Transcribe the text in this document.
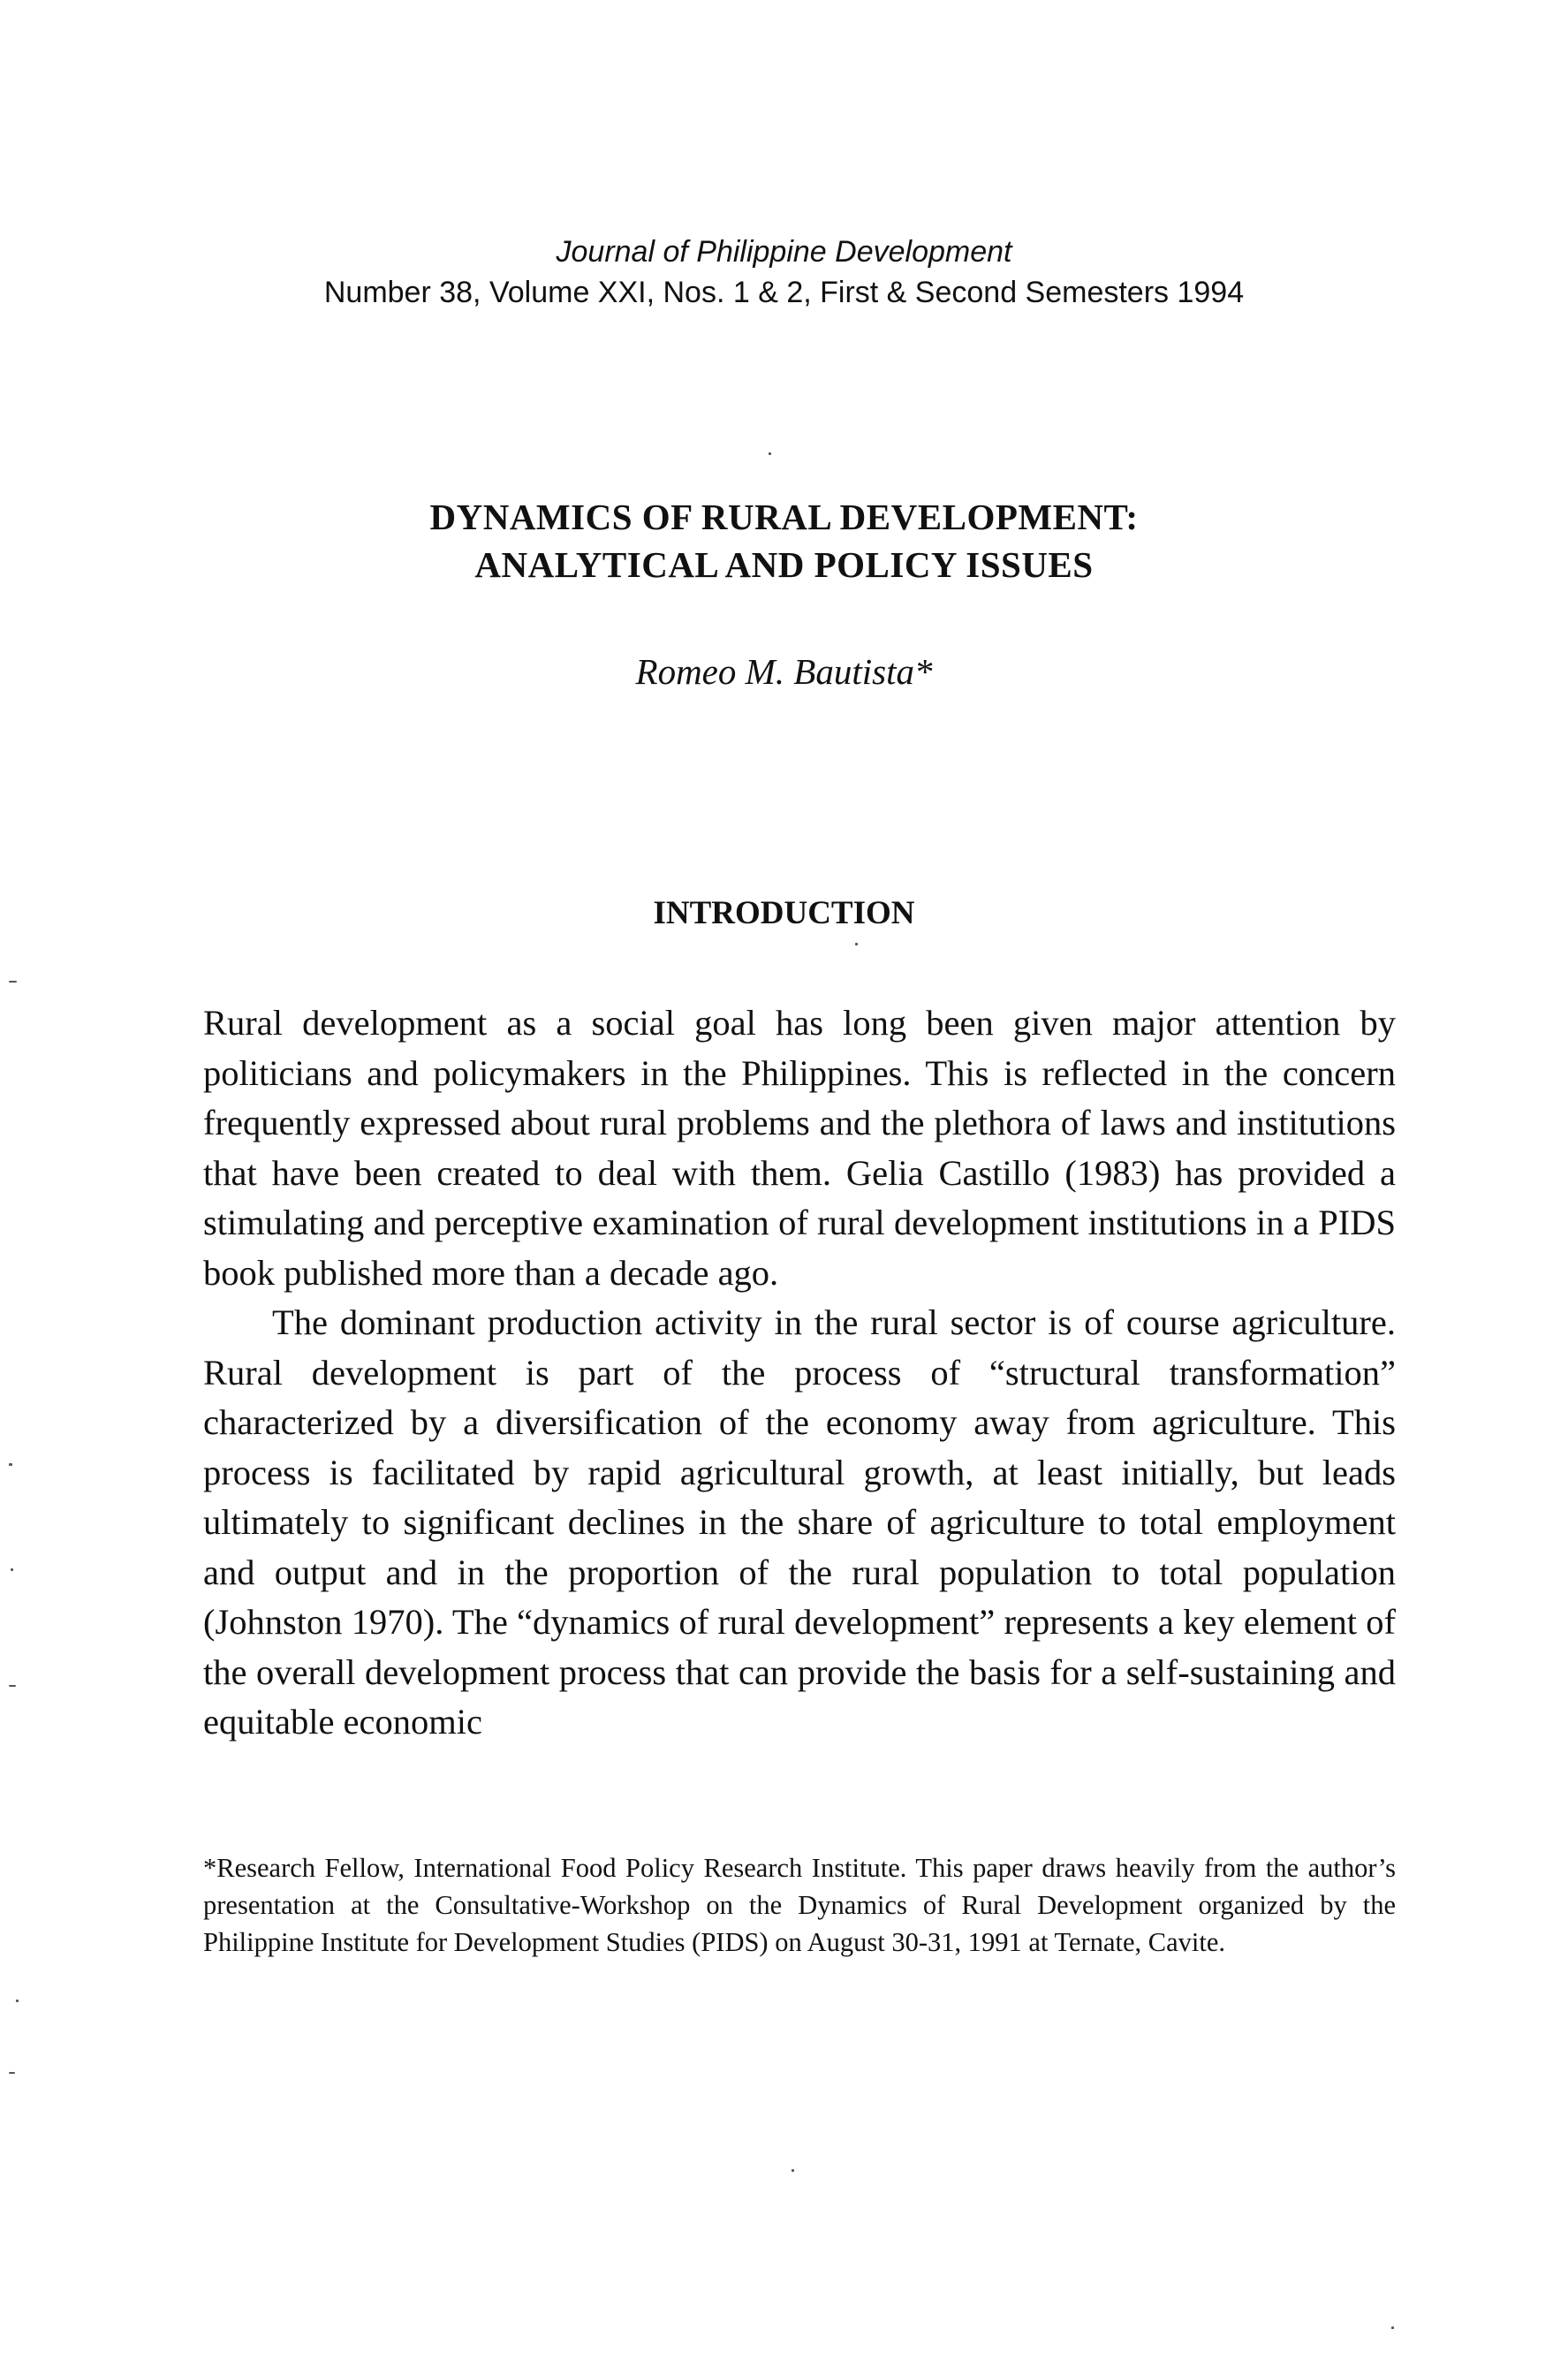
Journal of Philippine Development
Number 38, Volume XXI, Nos. 1 & 2, First & Second Semesters 1994
DYNAMICS OF RURAL DEVELOPMENT:
ANALYTICAL AND POLICY ISSUES
Romeo M. Bautista*
INTRODUCTION

Rural development as a social goal has long been given major attention by politicians and policymakers in the Philippines. This is reflected in the concern frequently expressed about rural problems and the plethora of laws and institutions that have been created to deal with them. Gelia Castillo (1983) has provided a stimulating and perceptive examination of rural development institutions in a PIDS book published more than a decade ago.

The dominant production activity in the rural sector is of course agriculture. Rural development is part of the process of “structural transformation” characterized by a diversification of the economy away from agriculture. This process is facilitated by rapid agricultural growth, at least initially, but leads ultimately to significant declines in the share of agriculture to total employment and output and in the proportion of the rural population to total population (Johnston 1970). The “dynamics of rural development” represents a key element of the overall development process that can provide the basis for a self-sustaining and equitable economic

*Research Fellow, International Food Policy Research Institute. This paper draws heavily from the author’s presentation at the Consultative-Workshop on the Dynamics of Rural Development organized by the Philippine Institute for Development Studies (PIDS) on August 30-31, 1991 at Ternate, Cavite.
